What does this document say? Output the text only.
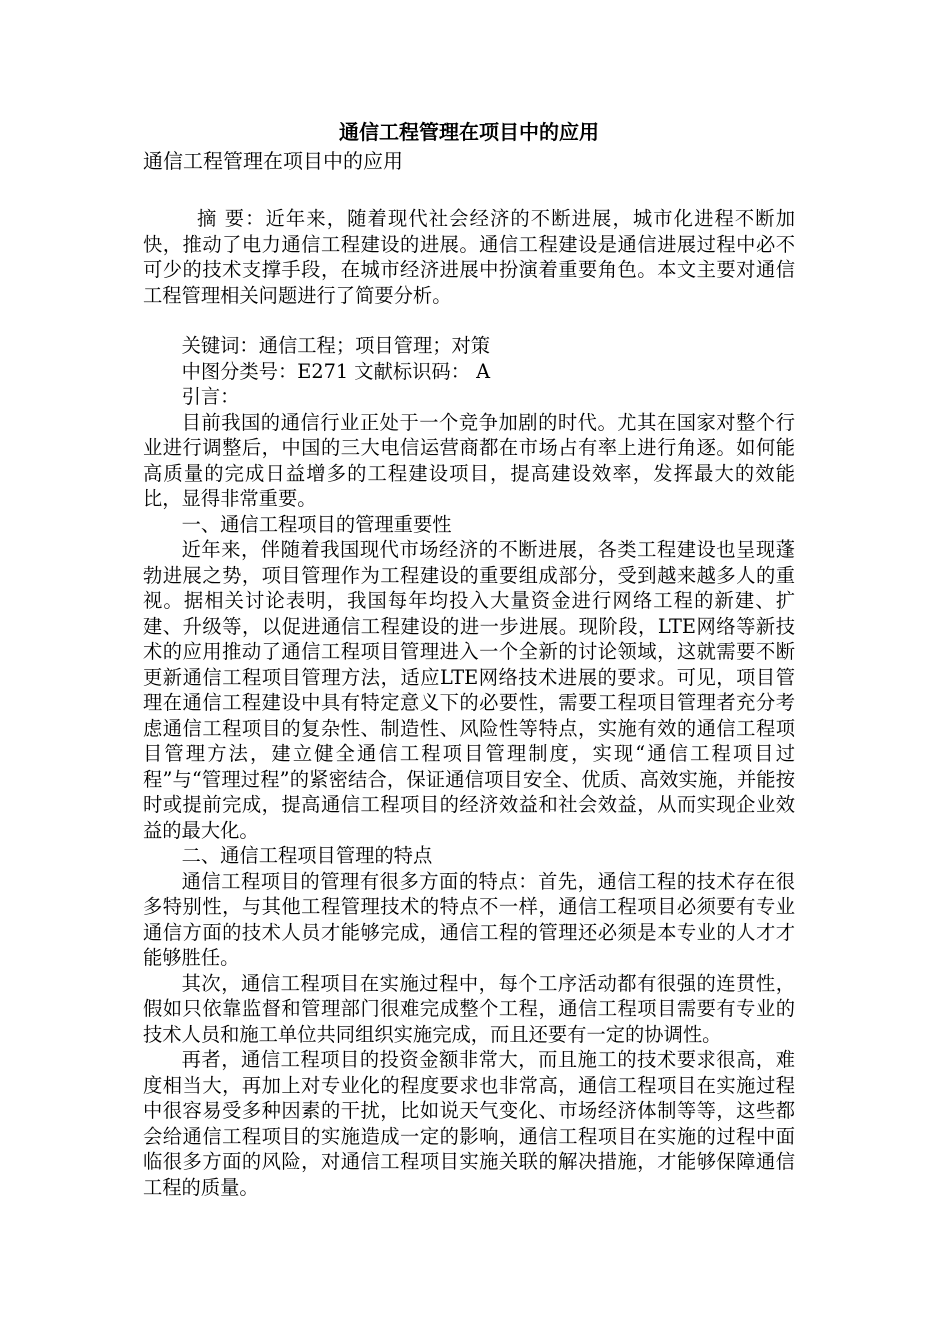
通信工程管理在项目中的应用

通信工程管理在项目中的应用

摘 要：近年来，随着现代社会经济的不断进展，城市化进程不断加快，推动了电力通信工程建设的进展。通信工程建设是通信进展过程中必不可少的技术支撑手段，在城市经济进展中扮演着重要角色。本文主要对通信工程管理相关问题进行了简要分析。

关键词：通信工程；项目管理；对策

中图分类号：E271 文献标识码： A

引言：

目前我国的通信行业正处于一个竞争加剧的时代。尤其在国家对整个行业进行调整后，中国的三大电信运营商都在市场占有率上进行角逐。如何能高质量的完成日益增多的工程建设项目，提高建设效率，发挥最大的效能比，显得非常重要。

一、通信工程项目的管理重要性

近年来，伴随着我国现代市场经济的不断进展，各类工程建设也呈现蓬勃进展之势，项目管理作为工程建设的重要组成部分，受到越来越多人的重视。据相关讨论表明，我国每年均投入大量资金进行网络工程的新建、扩建、升级等，以促进通信工程建设的进一步进展。现阶段，LTE网络等新技术的应用推动了通信工程项目管理进入一个全新的讨论领域，这就需要不断更新通信工程项目管理方法，适应LTE网络技术进展的要求。可见，项目管理在通信工程建设中具有特定意义下的必要性，需要工程项目管理者充分考虑通信工程项目的复杂性、制造性、风险性等特点，实施有效的通信工程项目管理方法，建立健全通信工程项目管理制度，实现“通信工程项目过程”与“管理过程”的紧密结合，保证通信项目安全、优质、高效实施，并能按时或提前完成，提高通信工程项目的经济效益和社会效益，从而实现企业效益的最大化。

二、通信工程项目管理的特点

通信工程项目的管理有很多方面的特点：首先，通信工程的技术存在很多特别性，与其他工程管理技术的特点不一样，通信工程项目必须要有专业通信方面的技术人员才能够完成，通信工程的管理还必须是本专业的人才才能够胜任。

其次，通信工程项目在实施过程中，每个工序活动都有很强的连贯性，假如只依靠监督和管理部门很难完成整个工程，通信工程项目需要有专业的技术人员和施工单位共同组织实施完成，而且还要有一定的协调性。

再者，通信工程项目的投资金额非常大，而且施工的技术要求很高，难度相当大，再加上对专业化的程度要求也非常高，通信工程项目在实施过程中很容易受多种因素的干扰，比如说天气变化、市场经济体制等等，这些都会给通信工程项目的实施造成一定的影响，通信工程项目在实施的过程中面临很多方面的风险，对通信工程项目实施关联的解决措施，才能够保障通信工程的质量。
